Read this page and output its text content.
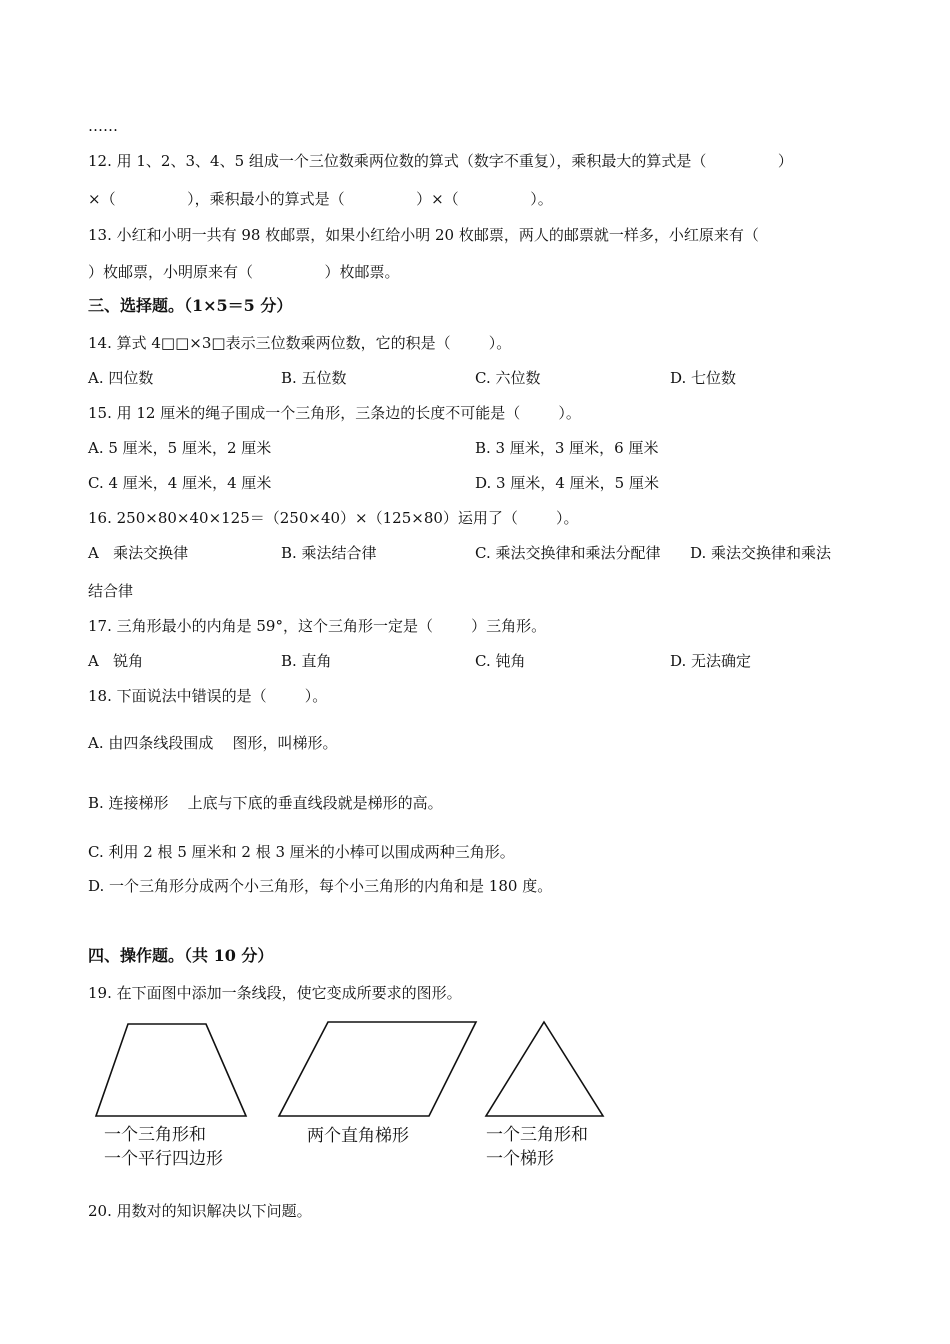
……
12. 用 1、2、3、4、5 组成一个三位数乘两位数的算式（数字不重复），乘积最大的算式是（               ）
×（               ），乘积最小的算式是（               ）×（               ）。
13. 小红和小明一共有 98 枚邮票，如果小红给小明 20 枚邮票，两人的邮票就一样多，小红原来有（
）枚邮票，小明原来有（               ）枚邮票。
三、选择题。（1×5＝5 分）
14. 算式 4□□×3□表示三位数乘两位数，它的积是（        ）。
A. 四位数	B. 五位数	C. 六位数	D. 七位数
15. 用 12 厘米的绳子围成一个三角形，三条边的长度不可能是（        ）。
A. 5 厘米，5 厘米，2 厘米	B. 3 厘米，3 厘米，6 厘米
C. 4 厘米，4 厘米，4 厘米	D. 3 厘米，4 厘米，5 厘米
16. 250×80×40×125＝（250×40）×（125×80）运用了（        ）。
A   乘法交换律	B. 乘法结合律	C. 乘法交换律和乘法分配律 D. 乘法交换律和乘法
结合律
17. 三角形最小的内角是 59°，这个三角形一定是（        ）三角形。
A   锐角	B. 直角	C. 钝角	D. 无法确定
18. 下面说法中错误的是（        ）。
A. 由四条线段围成    图形，叫梯形。
B. 连接梯形    上底与下底的垂直线段就是梯形的高。
C. 利用 2 根 5 厘米和 2 根 3 厘米的小棒可以围成两种三角形。
D. 一个三角形分成两个小三角形，每个小三角形的内角和是 180 度。
四、操作题。（共 10 分）
19. 在下面图中添加一条线段，使它变成所要求的图形。
一个三角形和
一个平行四边形
两个直角梯形	一个三角形和
一个梯形
20. 用数对的知识解决以下问题。
